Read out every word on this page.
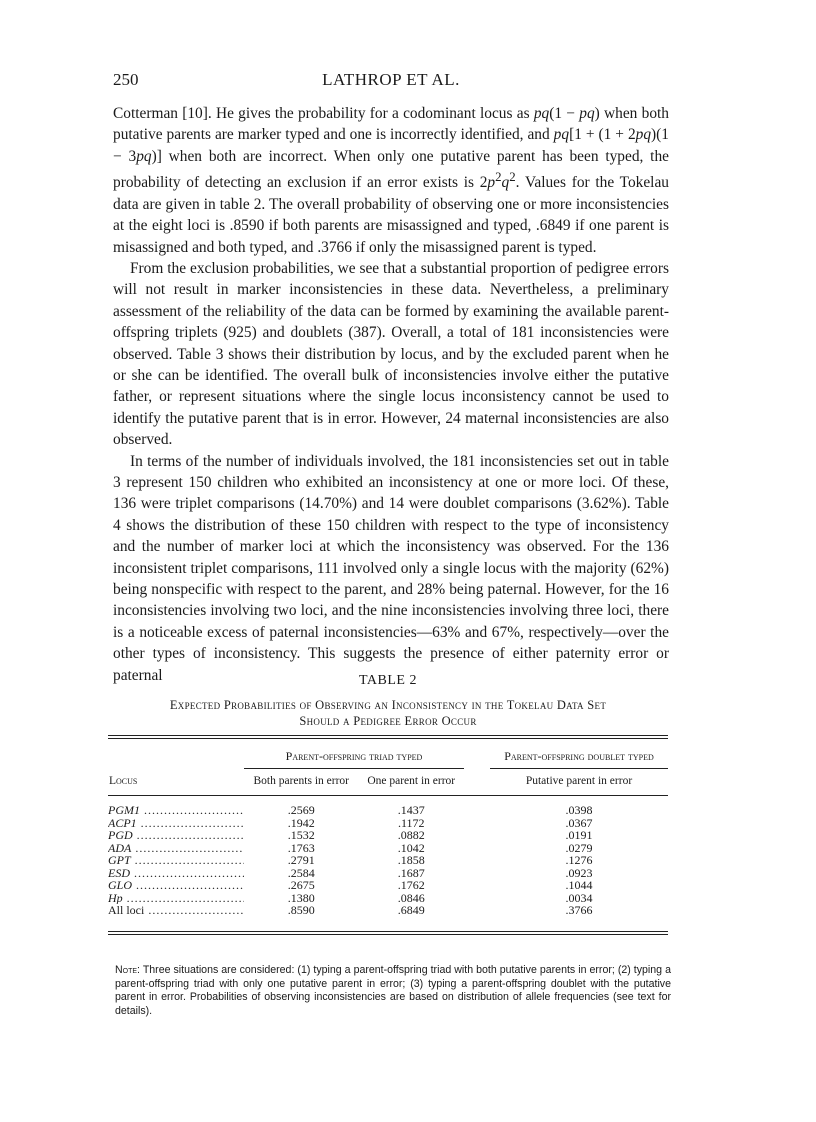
250	LATHROP ET AL.

Cotterman [10]. He gives the probability for a codominant locus as pq(1 − pq) when both putative parents are marker typed and one is incorrectly identified, and pq[1 + (1 + 2pq)(1 − 3pq)] when both are incorrect. When only one putative parent has been typed, the probability of detecting an exclusion if an error exists is $2p^2q^2$. Values for the Tokelau data are given in table 2. The overall probability of observing one or more inconsistencies at the eight loci is .8590 if both parents are misassigned and typed, .6849 if one parent is misassigned and both typed, and .3766 if only the misassigned parent is typed.

From the exclusion probabilities, we see that a substantial proportion of pedigree errors will not result in marker inconsistencies in these data. Nevertheless, a preliminary assessment of the reliability of the data can be formed by examining the available parent-offspring triplets (925) and doublets (387). Overall, a total of 181 inconsistencies were observed. Table 3 shows their distribution by locus, and by the excluded parent when he or she can be identified. The overall bulk of inconsistencies involve either the putative father, or represent situations where the single locus inconsistency cannot be used to identify the putative parent that is in error. However, 24 maternal inconsistencies are also observed.

In terms of the number of individuals involved, the 181 inconsistencies set out in table 3 represent 150 children who exhibited an inconsistency at one or more loci. Of these, 136 were triplet comparisons (14.70%) and 14 were doublet comparisons (3.62%). Table 4 shows the distribution of these 150 children with respect to the type of inconsistency and the number of marker loci at which the inconsistency was observed. For the 136 inconsistent triplet comparisons, 111 involved only a single locus with the majority (62%) being nonspecific with respect to the parent, and 28% being paternal. However, for the 16 inconsistencies involving two loci, and the nine inconsistencies involving three loci, there is a noticeable excess of paternal inconsistencies—63% and 67%, respectively—over the other types of inconsistency. This suggests the presence of either paternity error or paternal	TABLE 2
Expected Probabilities of Observing an Inconsistency in the Tokelau Data Set
Should a Pedigree Error Occur
	Parent-offspring triad typed			Parent-offspring doublet typed
Locus	Both parents in error	One parent in error		Putative parent in error

PGM1 .....	.2569	.1437		.0398

ACP1 .....	.1942	.1172		.0367

PGD .....	.1532	.0882		.0191

ADA .....	.1763	.1042		.0279

GPT .....	.2791	.1858		.1276

ESD .....	.2584	.1687		.0923

GLO .....	.2675	.1762		.1044

Hp .....	.1380	.0846		.0034

All loci .....	.8590	.6849		.3766
Note: Three situations are considered: (1) typing a parent-offspring triad with both putative parents in error; (2) typing a parent-offspring triad with only one putative parent in error; (3) typing a parent-offspring doublet with the putative parent in error. Probabilities of observing inconsistencies are based on distribution of allele frequencies (see text for details).
